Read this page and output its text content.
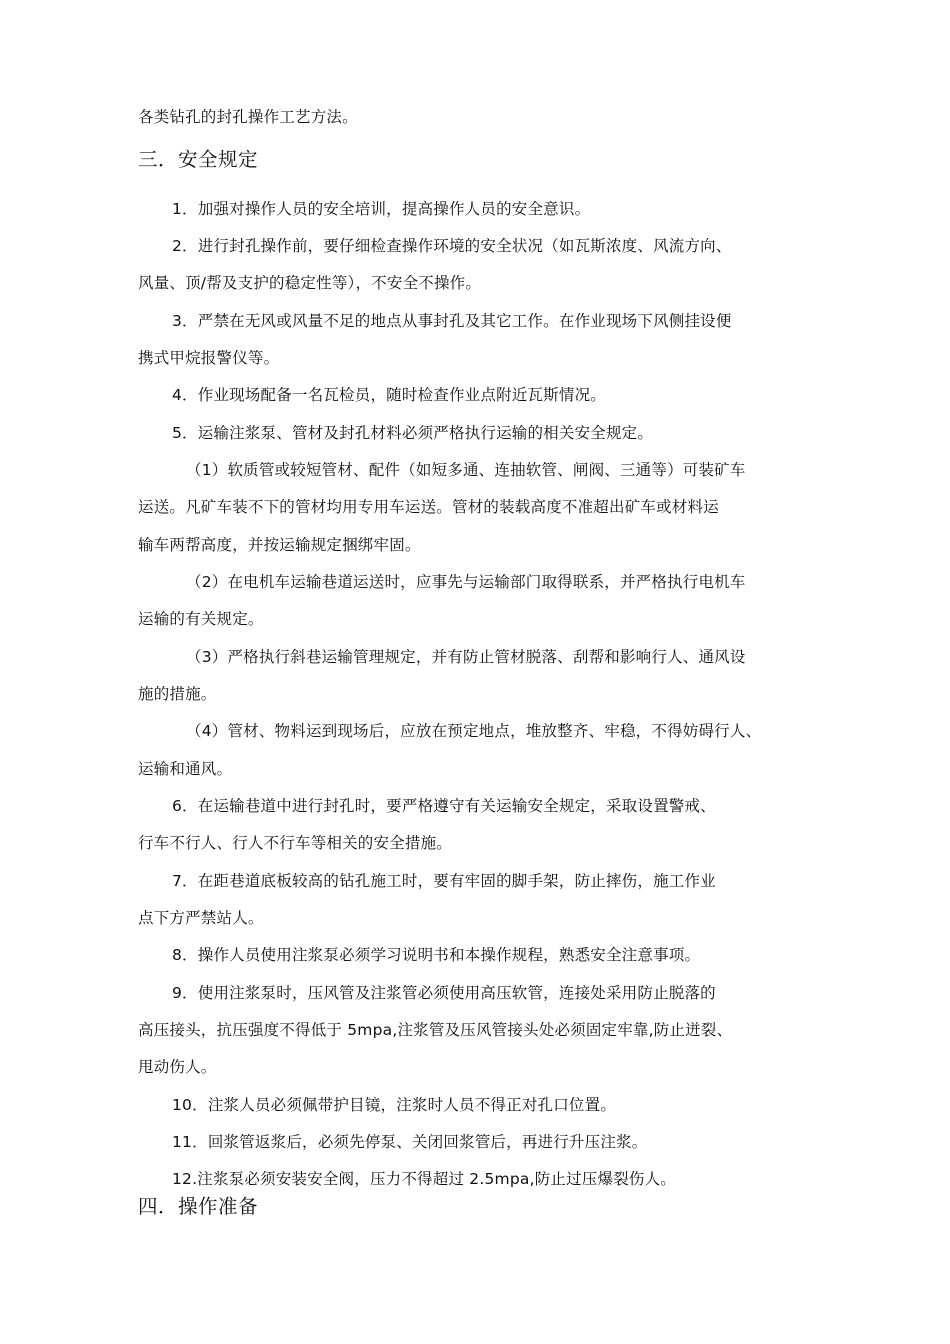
各类钻孔的封孔操作工艺方法。
三．安全规定
1．加强对操作人员的安全培训，提高操作人员的安全意识。
2．进行封孔操作前，要仔细检查操作环境的安全状况（如瓦斯浓度、风流方向、
风量、顶/帮及支护的稳定性等），不安全不操作。
3．严禁在无风或风量不足的地点从事封孔及其它工作。在作业现场下风侧挂设便
携式甲烷报警仪等。
4．作业现场配备一名瓦检员，随时检查作业点附近瓦斯情况。
5．运输注浆泵、管材及封孔材料必须严格执行运输的相关安全规定。
（1）软质管或较短管材、配件（如短多通、连抽软管、闸阀、三通等）可装矿车
运送。凡矿车装不下的管材均用专用车运送。管材的装载高度不准超出矿车或材料运
输车两帮高度，并按运输规定捆绑牢固。
（2）在电机车运输巷道运送时，应事先与运输部门取得联系，并严格执行电机车
运输的有关规定。
（3）严格执行斜巷运输管理规定，并有防止管材脱落、刮帮和影响行人、通风设
施的措施。
（4）管材、物料运到现场后，应放在预定地点，堆放整齐、牢稳，不得妨碍行人、
运输和通风。
6．在运输巷道中进行封孔时，要严格遵守有关运输安全规定，采取设置警戒、
行车不行人、行人不行车等相关的安全措施。
7．在距巷道底板较高的钻孔施工时，要有牢固的脚手架，防止摔伤，施工作业
点下方严禁站人。
8．操作人员使用注浆泵必须学习说明书和本操作规程，熟悉安全注意事项。
9．使用注浆泵时，压风管及注浆管必须使用高压软管，连接处采用防止脱落的
高压接头，抗压强度不得低于 5mpa,注浆管及压风管接头处必须固定牢靠,防止迸裂、
甩动伤人。
10．注浆人员必须佩带护目镜，注浆时人员不得正对孔口位置。
11．回浆管返浆后，必须先停泵、关闭回浆管后，再进行升压注浆。
12.注浆泵必须安装安全阀，压力不得超过 2.5mpa,防止过压爆裂伤人。
四．操作准备
